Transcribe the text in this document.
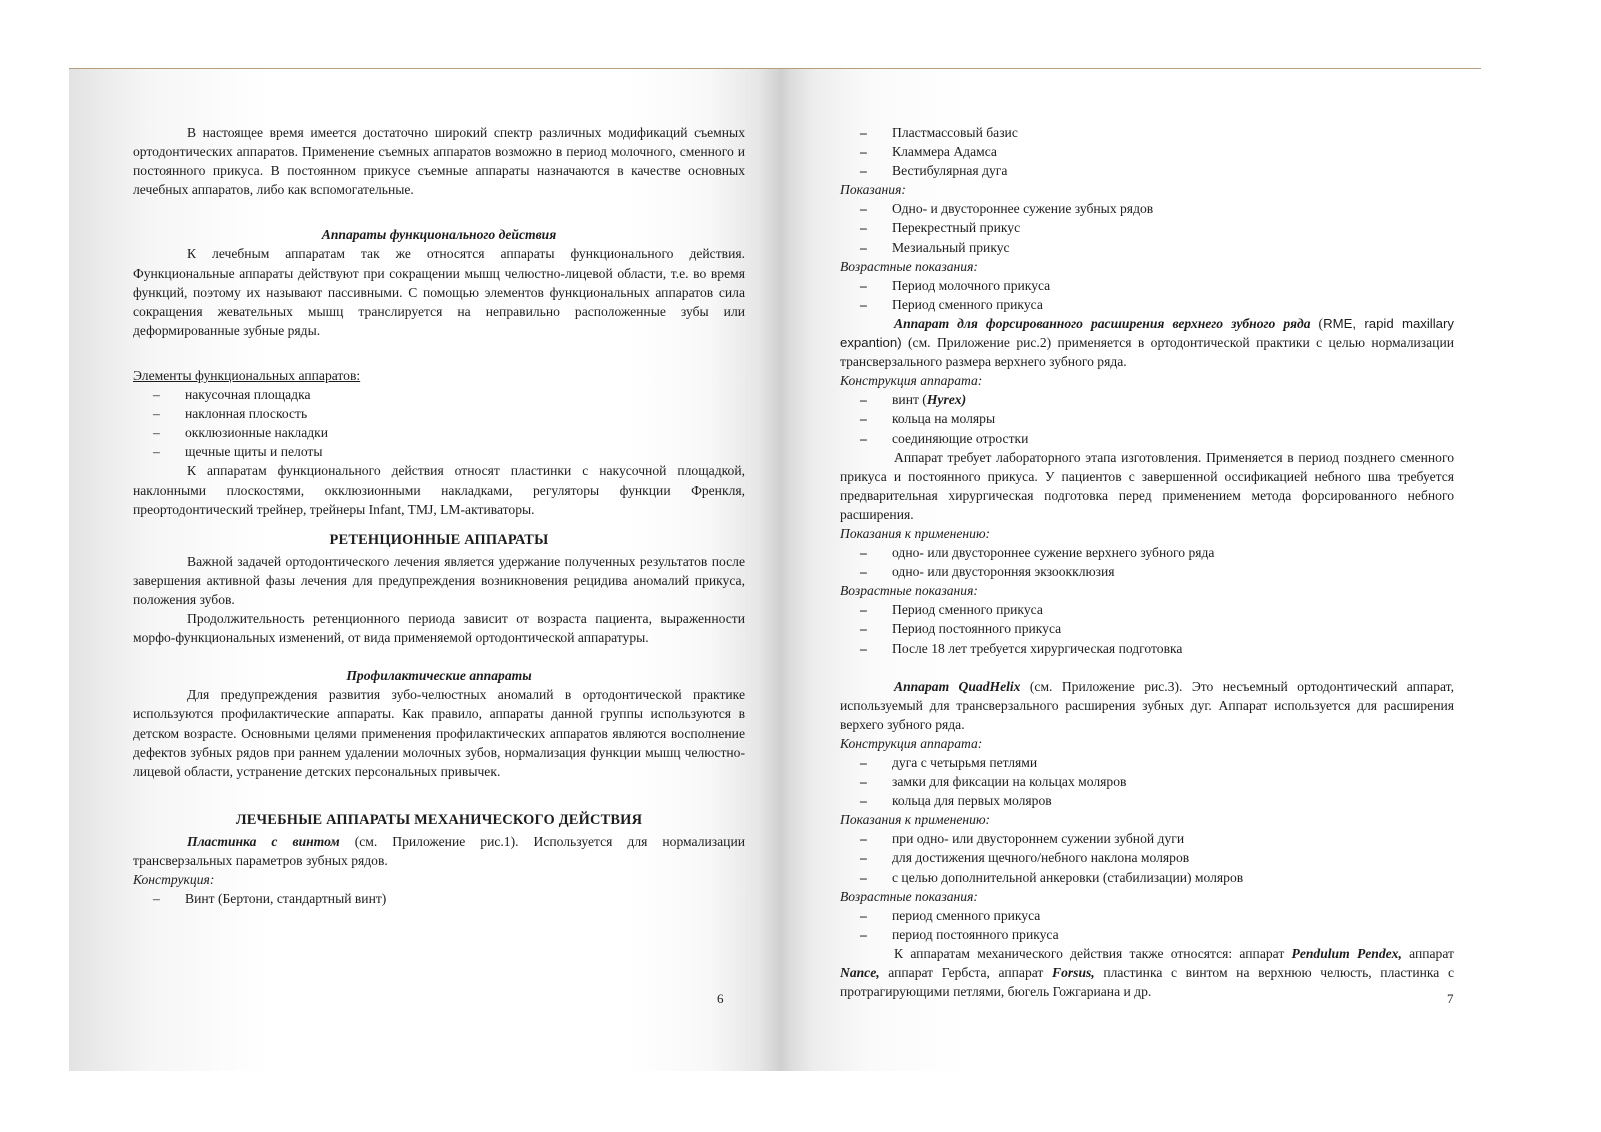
В настоящее время имеется достаточно широкий спектр различных модификаций съемных ортодонтических аппаратов. Применение съемных аппаратов возможно в период молочного, сменного и постоянного прикуса. В постоянном прикусе съемные аппараты назначаются в качестве основных лечебных аппаратов, либо как вспомогательные.

Аппараты функционального действия

К лечебным аппаратам так же относятся аппараты функционального действия. Функциональные аппараты действуют при сокращении мышц челюстно-лицевой области, т.е. во время функций, поэтому их называют пассивными. С помощью элементов функциональных аппаратов сила сокращения жевательных мышц транслируется на неправильно расположенные зубы или деформированные зубные ряды.

Элементы функциональных аппаратов:

– накусочная площадка
– наклонная плоскость
– окклюзионные накладки
– щечные щиты и пелоты

К аппаратам функционального действия относят пластинки с накусочной площадкой, наклонными плоскостями, окклюзионными накладками, регуляторы функции Френкля, преортодонтический трейнер, трейнеры Infant, TMJ, LM-активаторы.

РЕТЕНЦИОННЫЕ АППАРАТЫ

Важной задачей ортодонтического лечения является удержание полученных результатов после завершения активной фазы лечения для предупреждения возникновения рецидива аномалий прикуса, положения зубов.

Продолжительность ретенционного периода зависит от возраста пациента, выраженности морфо-функциональных изменений, от вида применяемой ортодонтической аппаратуры.

Профилактические аппараты

Для предупреждения развития зубо-челюстных аномалий в ортодонтической практике используются профилактические аппараты. Как правило, аппараты данной группы используются в детском возрасте. Основными целями применения профилактических аппаратов являются восполнение дефектов зубных рядов при раннем удалении молочных зубов, нормализация функции мышц челюстно-лицевой области, устранение детских персональных привычек.

ЛЕЧЕБНЫЕ АППАРАТЫ МЕХАНИЧЕСКОГО ДЕЙСТВИЯ

Пластинка с винтом (см. Приложение рис.1). Используется для нормализации трансверзальных параметров зубных рядов.

Конструкция:

– Винт (Бертони, стандартный винт)
6
– Пластмассовый базис
– Кламмера Адамса
– Вестибулярная дуга

Показания:

– Одно- и двустороннее сужение зубных рядов
– Перекрестный прикус
– Мезиальный прикус

Возрастные показания:

– Период молочного прикуса
– Период сменного прикуса

Аппарат для форсированного расширения верхнего зубного ряда (RME, rapid maxillary expantion) (см. Приложение рис.2) применяется в ортодонтической практики с целью нормализации трансверзального размера верхнего зубного ряда.

Конструкция аппарата:

– винт (Hyrex)
– кольца на моляры
– соединяющие отростки

Аппарат требует лабораторного этапа изготовления. Применяется в период позднего сменного прикуса и постоянного прикуса. У пациентов с завершенной оссификацией небного шва требуется предварительная хирургическая подготовка перед применением метода форсированного небного расширения.

Показания к применению:

– одно- или двустороннее сужение верхнего зубного ряда
– одно- или двусторонняя экзоокклюзия

Возрастные показания:

– Период сменного прикуса
– Период постоянного прикуса
– После 18 лет требуется хирургическая подготовка

Аппарат QuadHelix (см. Приложение рис.3). Это несъемный ортодонтический аппарат, используемый для трансверзального расширения зубных дуг. Аппарат используется для расширения верхего зубного ряда.

Конструкция аппарата:

– дуга с четырьмя петлями
– замки для фиксации на кольцах моляров
– кольца для первых моляров

Показания к применению:

– при одно- или двустороннем сужении зубной дуги
– для достижения щечного/небного наклона моляров
– с целью дополнительной анкеровки (стабилизации) моляров

Возрастные показания:

– период сменного прикуса
– период постоянного прикуса

К аппаратам механического действия также относятся: аппарат Pendulum Pendex, аппарат Nance, аппарат Гербста, аппарат Forsus, пластинка с винтом на верхнюю челюсть, пластинка с протрагирующими петлями, бюгель Гожгариана и др.	7
